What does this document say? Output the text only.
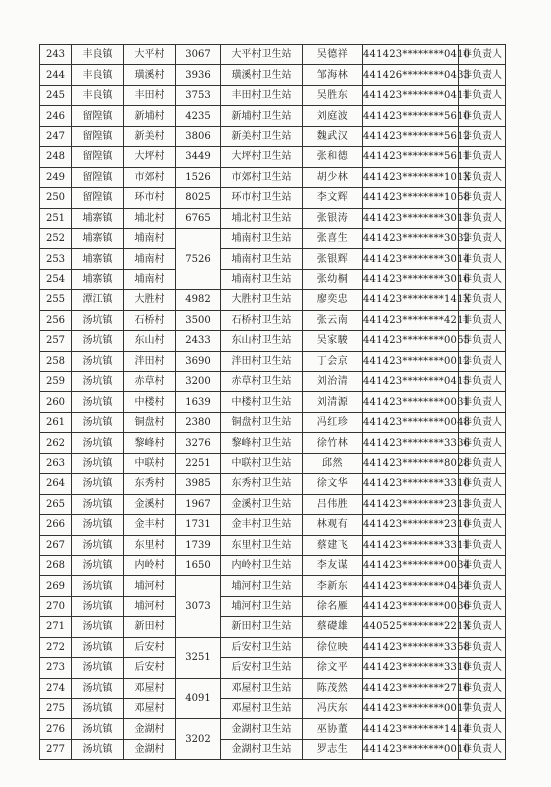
243	丰良镇	大平村	3067	大平村卫生站	吴德祥	441423********0410	非负责人
244	丰良镇	璜溪村	3936	璜溪村卫生站	邹海林	441426********0433	非负责人
245	丰良镇	丰田村	3753	丰田村卫生站	吴胜东	441423********0411	非负责人
246	留隍镇	新埔村	4235	新埔村卫生站	刘庭波	441423********5610	非负责人
247	留隍镇	新美村	3806	新美村卫生站	魏武汉	441423********5612	非负责人
248	留隍镇	大坪村	3449	大坪村卫生站	张和德	441423********5611	非负责人
249	留隍镇	市郊村	1526	市郊村卫生站	胡少林	441423********101X	非负责人
250	留隍镇	环市村	8025	环市村卫生站	李文辉	441423********1058	非负责人
251	埔寨镇	埔北村	6765	埔北村卫生站	张银涛	441423********3013	非负责人
252	埔寨镇	埔南村	7526	埔南村卫生站	张喜生	441423********3032	非负责人
253	埔寨镇	埔南村		埔南村卫生站	张银辉	441423********3014	非负责人
254	埔寨镇	埔南村		埔南村卫生站	张幼桐	441423********3016	非负责人
255	潭江镇	大胜村	4982	大胜村卫生站	廖奕忠	441423********141X	非负责人
256	汤坑镇	石桥村	3500	石桥村卫生站	张云南	441423********4211	非负责人
257	汤坑镇	东山村	2433	东山村卫生站	吴家駿	441423********0055	非负责人
258	汤坑镇	泮田村	3690	泮田村卫生站	丁会京	441423********0012	非负责人
259	汤坑镇	赤草村	3200	赤草村卫生站	刘治清	441423********0415	非负责人
260	汤坑镇	中楼村	1639	中楼村卫生站	刘清源	441423********0031	非负责人
261	汤坑镇	铜盘村	2380	铜盘村卫生站	冯红珍	441423********0048	非负责人
262	汤坑镇	黎峰村	3276	黎峰村卫生站	徐竹林	441423********3336	非负责人
263	汤坑镇	中联村	2251	中联村卫生站	邱然	441423********8028	非负责人
264	汤坑镇	东秀村	3985	东秀村卫生站	徐文华	441423********3310	非负责人
265	汤坑镇	金溪村	1967	金溪村卫生站	吕伟胜	441423********2313	非负责人
266	汤坑镇	金丰村	1731	金丰村卫生站	林观有	441423********2310	非负责人
267	汤坑镇	东里村	1739	东里村卫生站	蔡建飞	441423********3311	非负责人
268	汤坑镇	内岭村	1650	内岭村卫生站	李友谋	441423********0034	非负责人
269	汤坑镇	埔河村	3073	埔河村卫生站	李新东	441423********0434	非负责人
270	汤坑镇	埔河村		埔河村卫生站	徐名雁	441423********0036	非负责人
271	汤坑镇	新田村		新田村卫生站	蔡礎雄	440525********221X	非负责人
272	汤坑镇	后安村	3251	后安村卫生站	徐位映	441423********3358	非负责人
273	汤坑镇	后安村		后安村卫生站	徐文平	441423********3310	非负责人
274	汤坑镇	邓屋村	4091	邓屋村卫生站	陈茂然	441423********2716	非负责人
275	汤坑镇	邓屋村		邓屋村卫生站	冯庆东	441423********0017	非负责人
276	汤坑镇	金湖村	3202	金湖村卫生站	巫协董	441423********1414	非负责人
277	汤坑镇	金湖村		金湖村卫生站	罗志生	441423********0010	非负责人
